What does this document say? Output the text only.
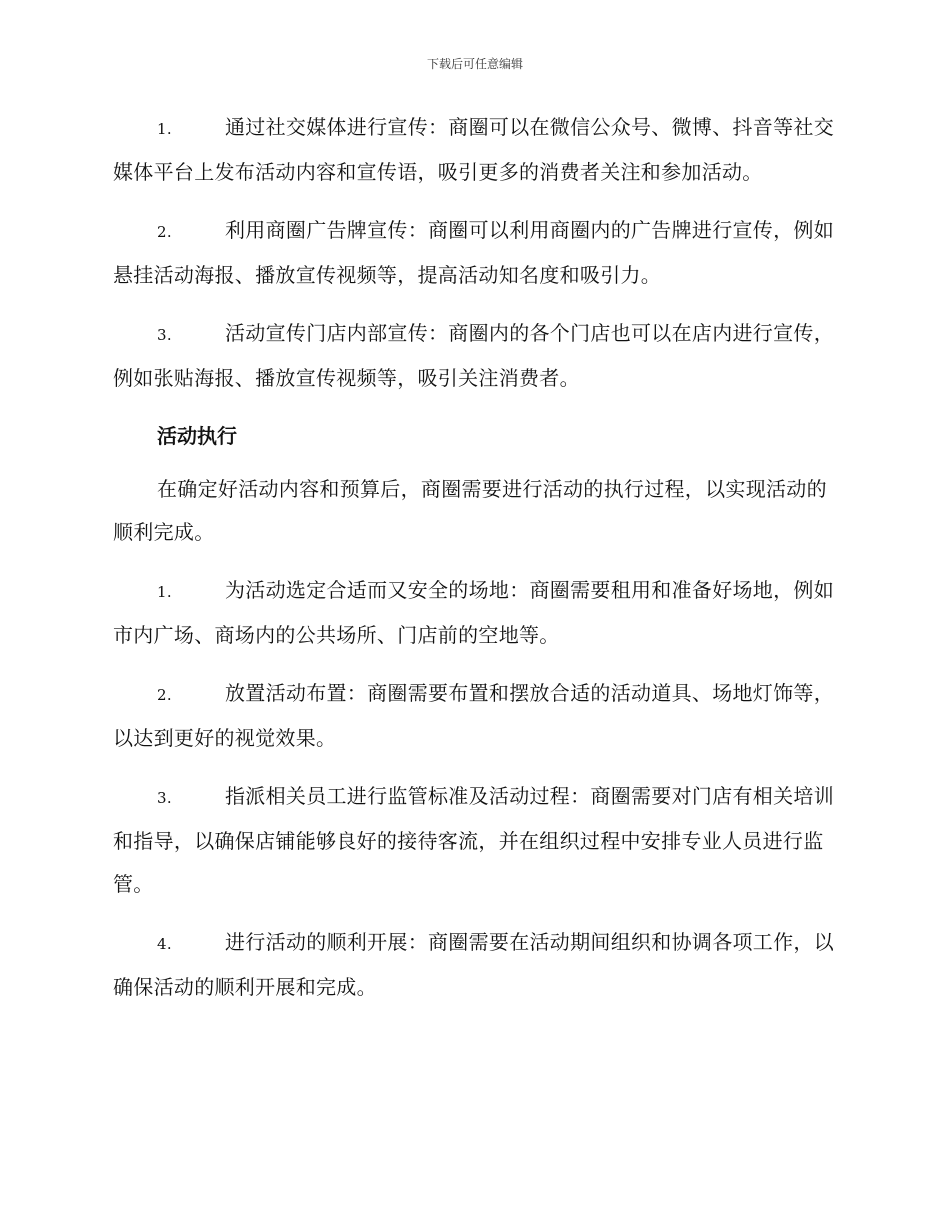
下载后可任意编辑
1.	通过社交媒体进行宣传：商圈可以在微信公众号、微博、抖音等社交媒体平台上发布活动内容和宣传语，吸引更多的消费者关注和参加活动。
2.	利用商圈广告牌宣传：商圈可以利用商圈内的广告牌进行宣传，例如悬挂活动海报、播放宣传视频等，提高活动知名度和吸引力。
3.	活动宣传门店内部宣传：商圈内的各个门店也可以在店内进行宣传，例如张贴海报、播放宣传视频等，吸引关注消费者。
活动执行
在确定好活动内容和预算后，商圈需要进行活动的执行过程，以实现活动的顺利完成。
1.	为活动选定合适而又安全的场地：商圈需要租用和准备好场地，例如市内广场、商场内的公共场所、门店前的空地等。
2.	放置活动布置：商圈需要布置和摆放合适的活动道具、场地灯饰等，以达到更好的视觉效果。
3.	指派相关员工进行监管标准及活动过程：商圈需要对门店有相关培训和指导，以确保店铺能够良好的接待客流，并在组织过程中安排专业人员进行监管。
4.	进行活动的顺利开展：商圈需要在活动期间组织和协调各项工作，以确保活动的顺利开展和完成。
